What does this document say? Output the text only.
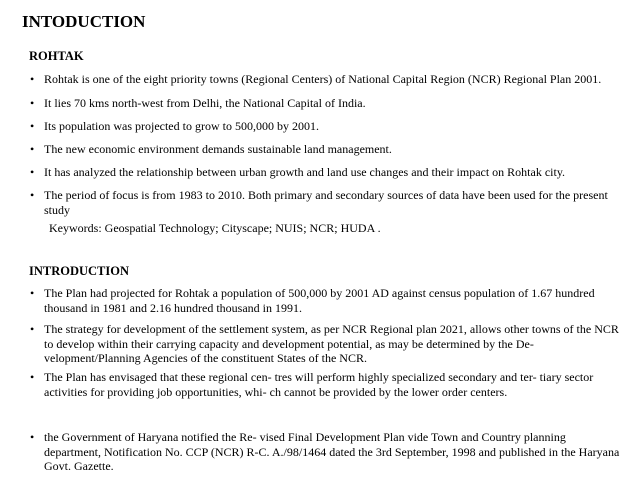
INTODUCTION
ROHTAK
• Rohtak is one of the eight priority towns (Regional Centers) of National Capital Region (NCR) Regional Plan 2001.
• It lies 70 kms north-west from Delhi, the National Capital of India.
• Its population was projected to grow to 500,000 by 2001.
• The new economic environment demands sustainable land management.
• It has analyzed the relationship between urban growth and land use changes and their impact on Rohtak city.
• The period of focus is from 1983 to 2010. Both primary and secondary sources of data have been used for the present study

Keywords: Geospatial Technology; Cityscape; NUIS; NCR; HUDA .

INTRODUCTION
• The Plan had projected for Rohtak a population of 500,000 by 2001 AD against census population of 1.67 hundred thousand in 1981 and 2.16 hundred thousand in 1991.
• The strategy for development of the settlement system, as per NCR Regional plan 2021, allows other towns of the NCR to develop within their carrying capacity and development potential, as may be determined by the De- velopment/Planning Agencies of the constituent States of the NCR.
• The Plan has envisaged that these regional cen- tres will perform highly specialized secondary and ter- tiary sector activities for providing job opportunities, whi- ch cannot be provided by the lower order centers.
• the Government of Haryana notified the Re- vised Final Development Plan vide Town and Country planning department, Notification No. CCP (NCR) R-C. A./98/1464 dated the 3rd September, 1998 and published in the Haryana Govt. Gazette.
